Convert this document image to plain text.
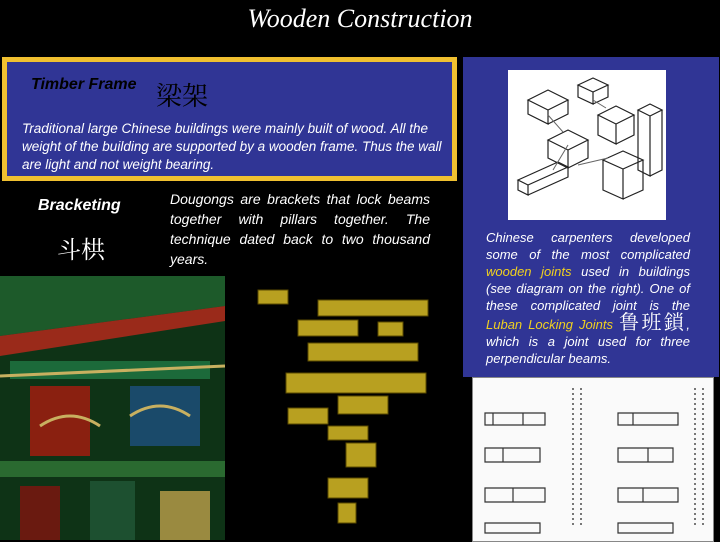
Wooden Construction
Timber Frame 梁架
Traditional large Chinese buildings were mainly built of wood. All the weight of the building are supported by a wooden frame. Thus the wall are light and not weight bearing.
Bracketing
斗栱
Dougongs are brackets that lock beams together with pillars together. The technique dated back to two thousand years.
Chinese carpenters developed some of the most complicated wooden joints used in buildings (see diagram on the right). One of these complicated joint is the Luban Locking Joints 鲁班鎖, which is a joint used for three perpendicular beams.
